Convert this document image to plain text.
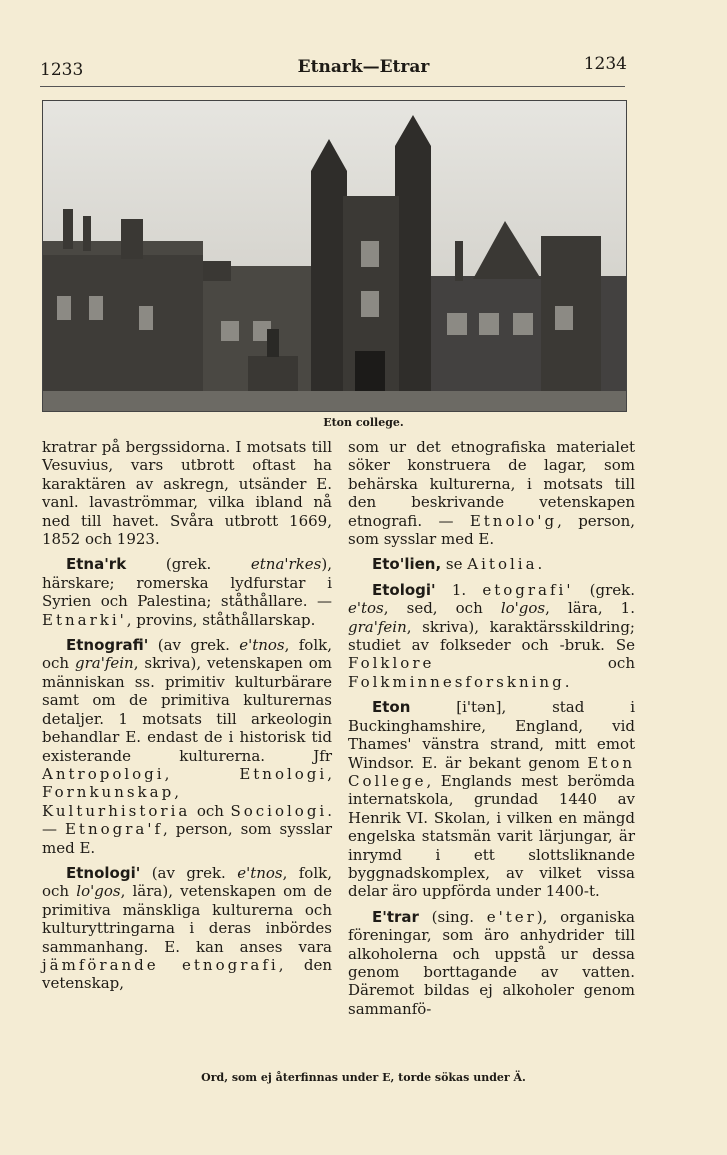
1233	Etnark—Etrar	1234
Eton college.

kratrar på bergssidorna. I motsats till Vesuvius, vars utbrott oftast ha karaktären av askregn, utsänder E. vanl. lavaströmmar, vilka ibland nå ned till havet. Svåra utbrott 1669, 1852 och 1923.

Etna'rk (grek. etna'rkes), härskare; romerska lydfurstar i Syrien och Palestina; ståthållare. — Etnarki', provins, ståthållarskap.

Etnografi' (av grek. e'tnos, folk, och gra'fein, skriva), vetenskapen om människan ss. primitiv kulturbärare samt om de primitiva kulturernas detaljer. 1 motsats till arkeologin behandlar E. endast de i historisk tid existerande kulturerna. Jfr Antropologi, Etnologi, Fornkunskap, Kulturhistoria och Sociologi. — Etnogra'f, person, som sysslar med E.

Etnologi' (av grek. e'tnos, folk, och lo'gos, lära), vetenskapen om de primitiva mänskliga kulturerna och kulturyttringarna i deras inbördes sammanhang. E. kan anses vara jämförande etnografi, den vetenskap,

som ur det etnografiska materialet söker konstruera de lagar, som behärska kulturerna, i motsats till den beskrivande vetenskapen etnografi. — Etnolo'g, person, som sysslar med E.

Eto'lien, se Aitolia.

Etologi' 1. etografi' (grek. e'tos, sed, och lo'gos, lära, 1. gra'fein, skriva), karaktärsskildring; studiet av folkseder och -bruk. Se Folklore och Folkminnesforskning.

Eton [i'tən], stad i Buckinghamshire, England, vid Thames' vänstra strand, mitt emot Windsor. E. är bekant genom Eton College, Englands mest berömda internatskola, grundad 1440 av Henrik VI. Skolan, i vilken en mängd engelska statsmän varit lärjungar, är inrymd i ett slottsliknande byggnadskomplex, av vilket vissa delar äro uppförda under 1400-t.

E'trar (sing. e'ter), organiska föreningar, som äro anhydrider till alkoholerna och uppstå ur dessa genom borttagande av vatten. Däremot bildas ej alkoholer genom sammanfö-

Ord, som ej återfinnas under E, torde sökas under Ä.
